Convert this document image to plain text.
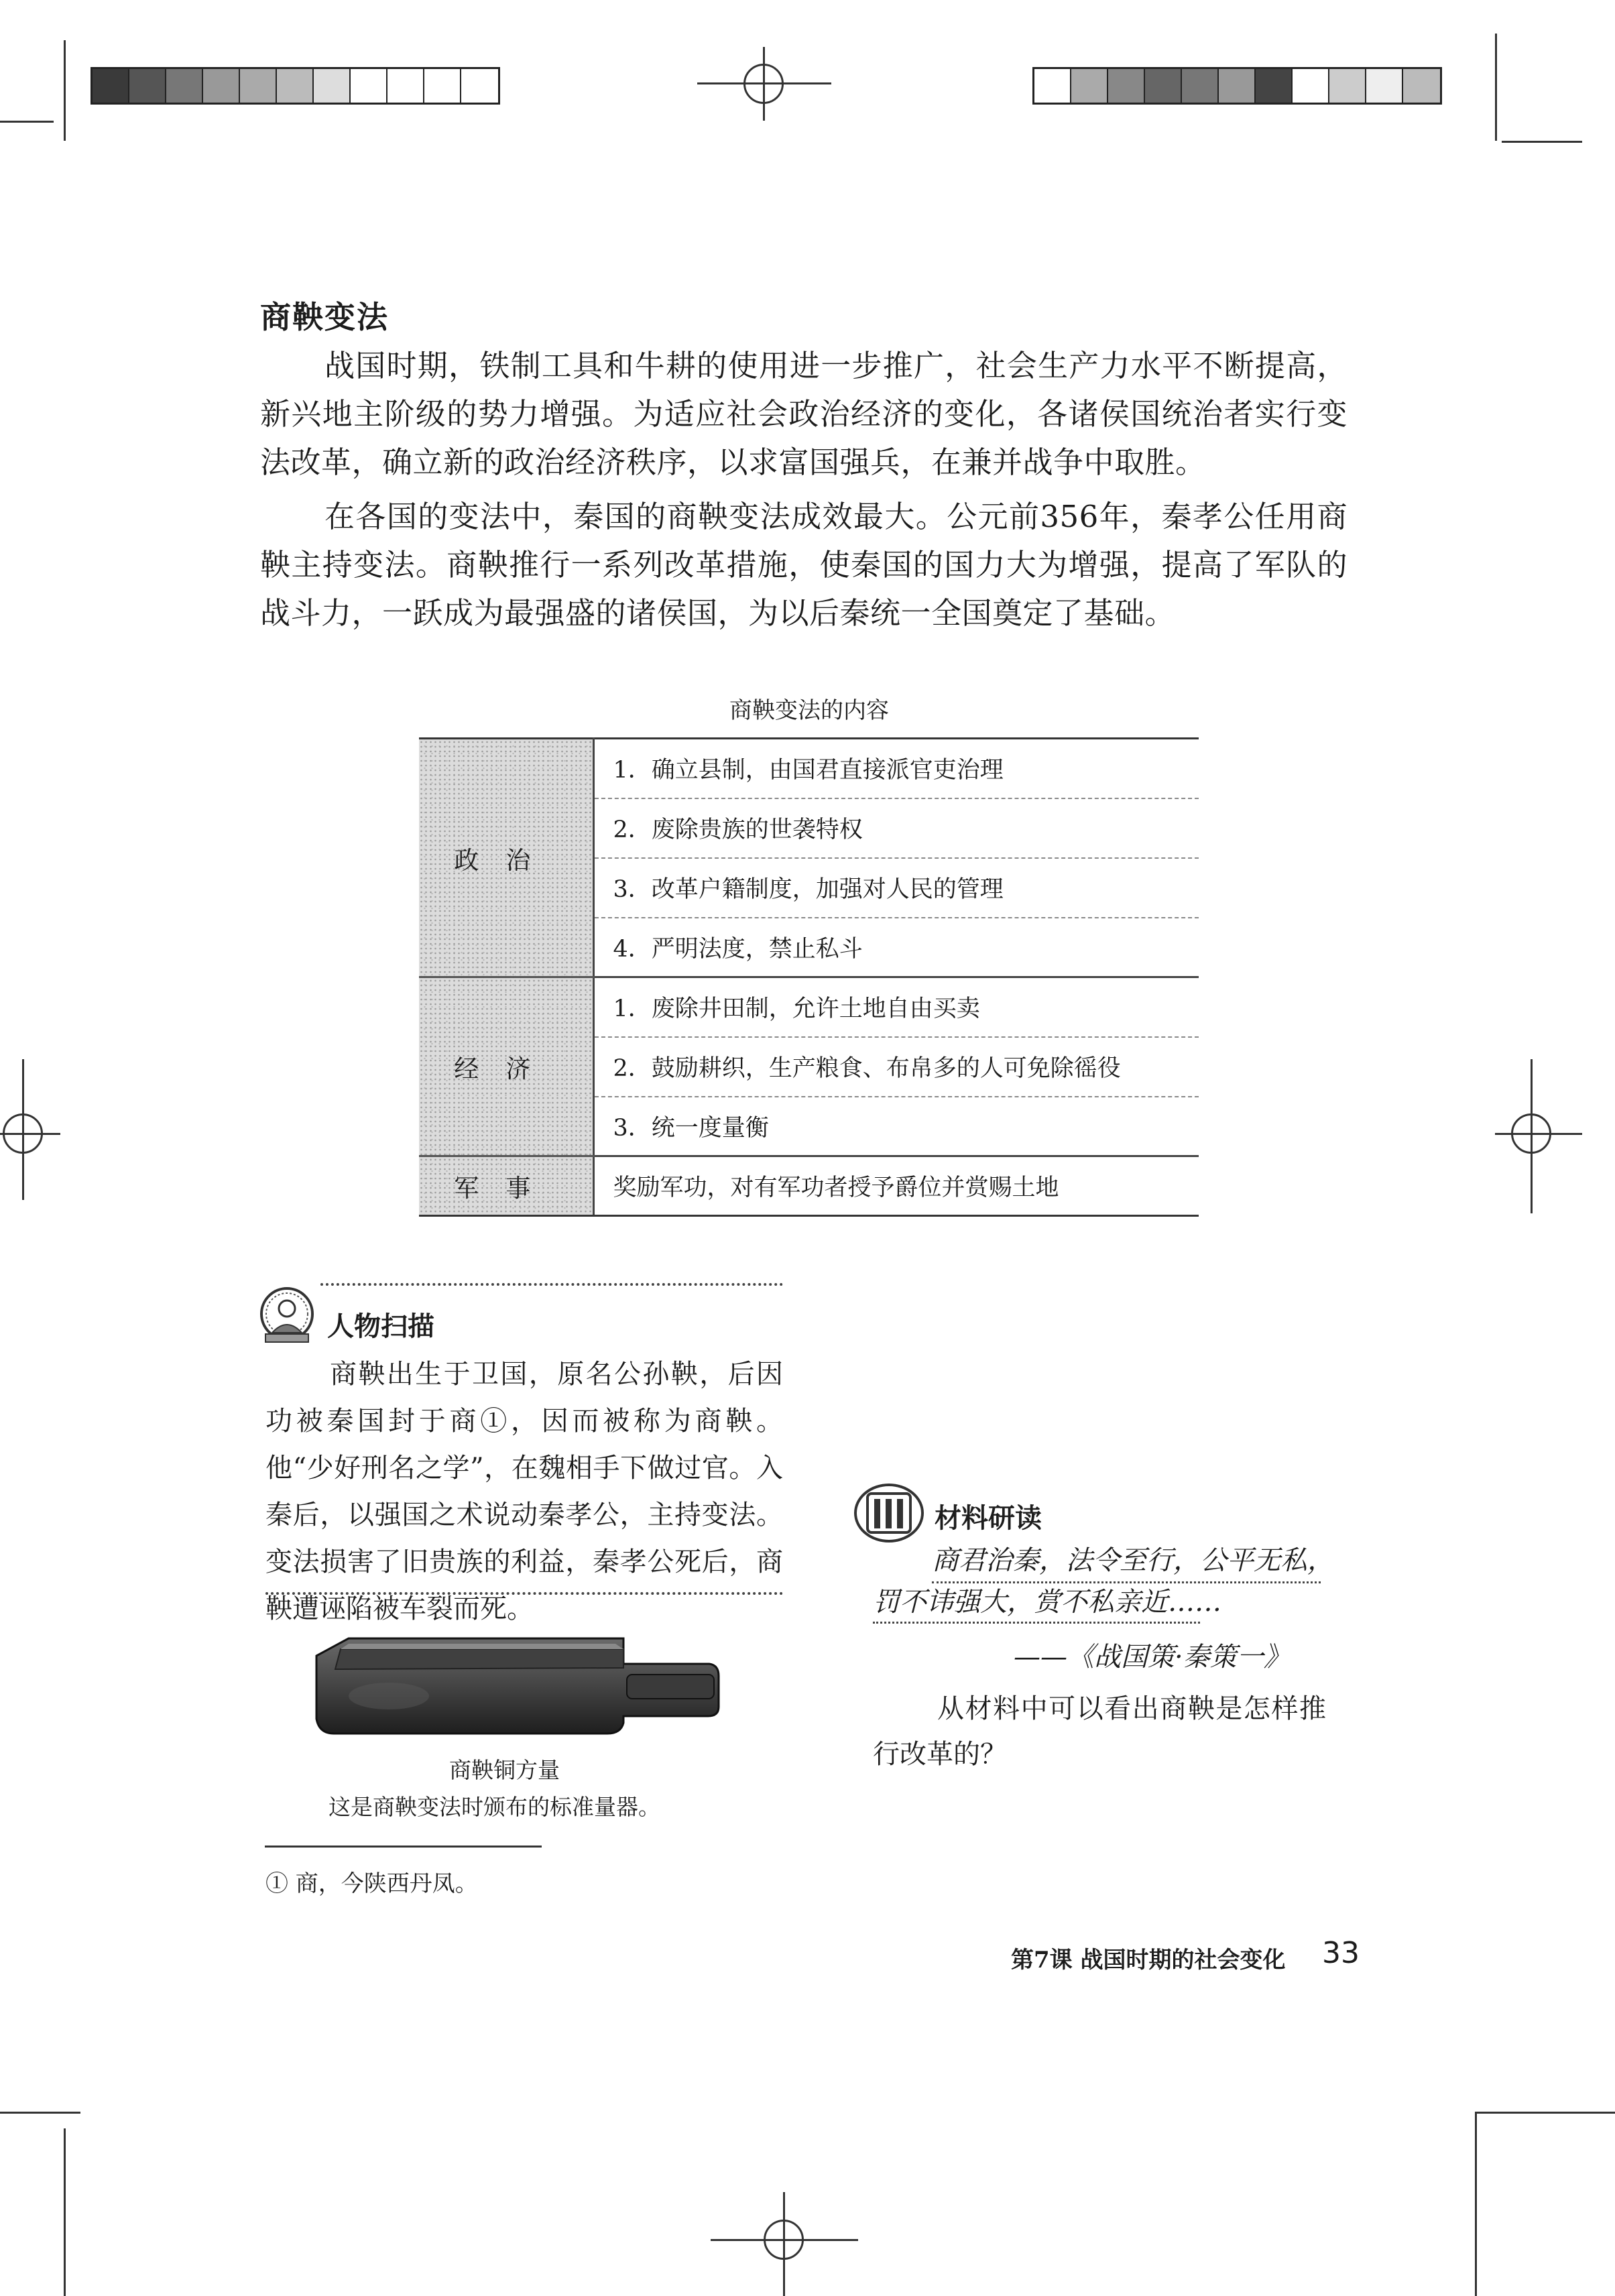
商鞅变法
战国时期，铁制工具和牛耕的使用进一步推广，社会生产力水平不断提高，新兴地主阶级的势力增强。为适应社会政治经济的变化，各诸侯国统治者实行变法改革，确立新的政治经济秩序，以求富国强兵，在兼并战争中取胜。
在各国的变法中，秦国的商鞅变法成效最大。公元前356年，秦孝公任用商鞅主持变法。商鞅推行一系列改革措施，使秦国的国力大为增强，提高了军队的战斗力，一跃成为最强盛的诸侯国，为以后秦统一全国奠定了基础。
商鞅变法的内容
政治	1．确立县制，由国君直接派官吏治理
	2．废除贵族的世袭特权
	3．改革户籍制度，加强对人民的管理
	4．严明法度，禁止私斗
经济	1．废除井田制，允许土地自由买卖
	2．鼓励耕织，生产粮食、布帛多的人可免除徭役
	3．统一度量衡
军事	奖励军功，对有军功者授予爵位并赏赐土地
人物扫描
商鞅出生于卫国，原名公孙鞅，后因功被秦国封于商①，因而被称为商鞅。他“少好刑名之学”，在魏相手下做过官。入秦后，以强国之术说动秦孝公，主持变法。变法损害了旧贵族的利益，秦孝公死后，商鞅遭诬陷被车裂而死。
商鞅铜方量
这是商鞅变法时颁布的标准量器。
① 商，今陕西丹凤。
材料研读
商君治秦，法令至行，公平无私，
罚不讳强大，赏不私亲近……
——《战国策·秦策一》
从材料中可以看出商鞅是怎样推行改革的？
第7课 战国时期的社会变化 33
